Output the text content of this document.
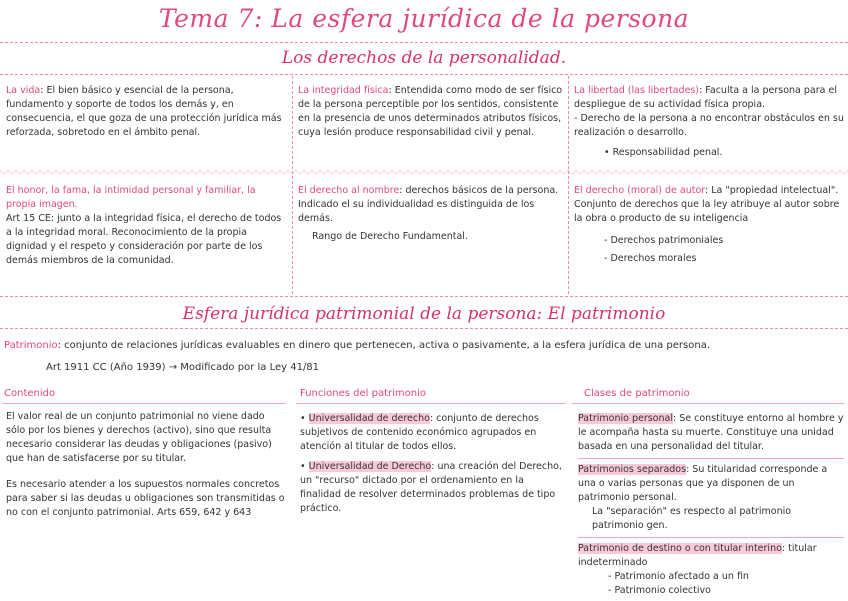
Tema 7: La esfera jurídica de la persona
Los derechos de la personalidad.
La vida: El bien básico y esencial de la persona, fundamento y soporte de todos los demás y, en consecuencia, el que goza de una protección jurídica más reforzada, sobretodo en el ámbito penal.
La integridad física: Entendida como modo de ser físico de la persona perceptible por los sentidos, consistente en la presencia de unos determinados atributos físicos, cuya lesión produce responsabilidad civil y penal.

La libertad (las libertades): Faculta a la persona para el despliegue de su actividad física propia.

- Derecho de la persona a no encontrar obstáculos en su realización o desarrollo.

• Responsabilidad penal.

El honor, la fama, la intimidad personal y familiar, la propia imagen.

Art 15 CE: junto a la integridad física, el derecho de todos a la integridad moral. Reconocimiento de la propia dignidad y el respeto y consideración por parte de los demás miembros de la comunidad.

El derecho al nombre: derechos básicos de la persona. Indicado el su individualidad es distinguida de los demás.

Rango de Derecho Fundamental.

El derecho (moral) de autor: La "propiedad intelectual". Conjunto de derechos que la ley atribuye al autor sobre la obra o producto de su inteligencia

- Derechos patrimoniales

- Derechos morales

Esfera jurídica patrimonial de la persona: El patrimonio
Patrimonio: conjunto de relaciones jurídicas evaluables en dinero que pertenecen, activa o pasivamente, a la esfera jurídica de una persona.
Art 1911 CC (Año 1939) → Modificado por la Ley 41/81
Contenido	Funciones del patrimonio	Clases de patrimonio

El valor real de un conjunto patrimonial no viene dado sólo por los bienes y derechos (activo), sino que resulta necesario considerar las deudas y obligaciones (pasivo) que han de satisfacerse por su titular.

Es necesario atender a los supuestos normales concretos para saber si las deudas u obligaciones son transmitidas o no con el conjunto patrimonial. Arts 659, 642 y 643

• Universalidad de derecho: conjunto de derechos subjetivos de contenido económico agrupados en atención al titular de todos ellos.

• Universalidad de Derecho: una creación del Derecho, un "recurso" dictado por el ordenamiento en la finalidad de resolver determinados problemas de tipo práctico.

Patrimonio personal: Se constituye entorno al hombre y le acompaña hasta su muerte. Constituye una unidad basada en una personalidad del titular.

Patrimonios separados: Su titularidad corresponde a una o varias personas que ya disponen de un patrimonio personal.

La "separación" es respecto al patrimonio patrimonio gen.

Patrimonio de destino o con titular interino: titular indeterminado

- Patrimonio afectado a un fin

- Patrimonio colectivo
